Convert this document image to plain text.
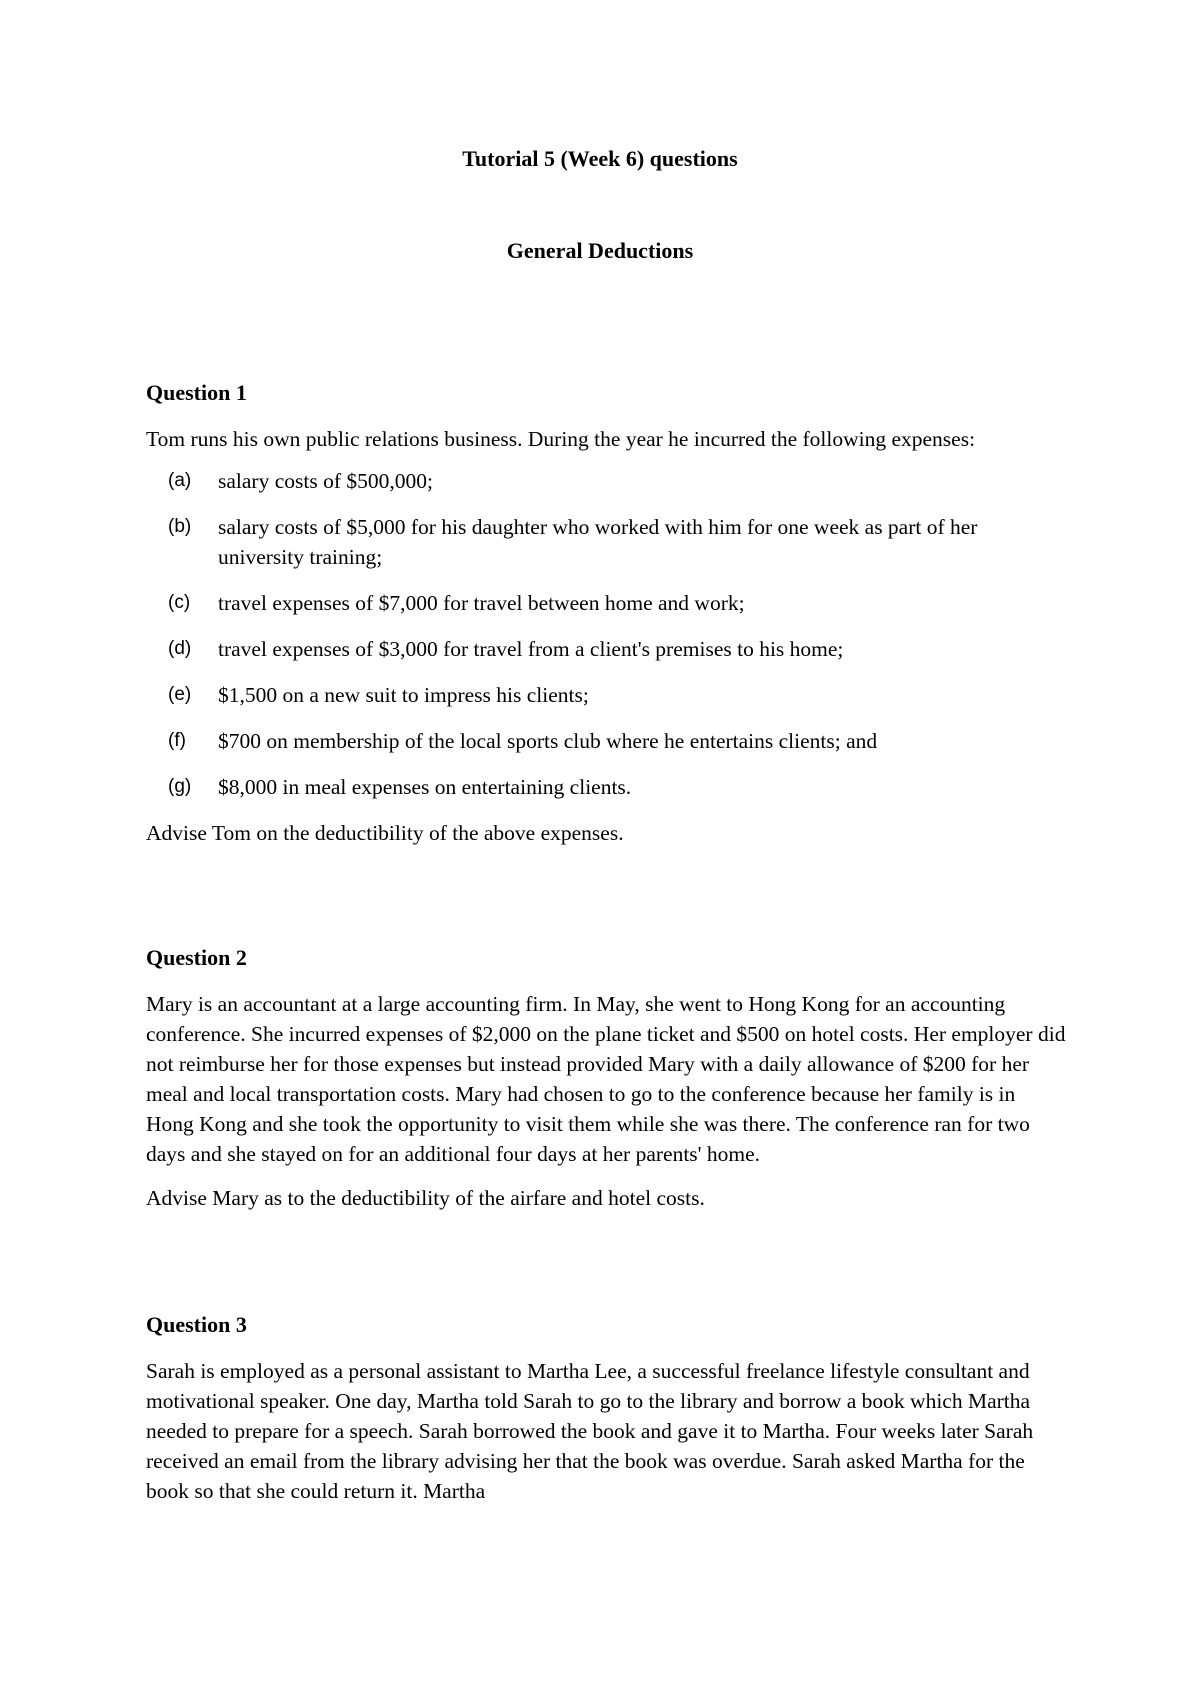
Tutorial 5 (Week 6) questions
General Deductions
Question 1

Tom runs his own public relations business. During the year he incurred the following expenses:

(a) salary costs of $500,000;
(b) salary costs of $5,000 for his daughter who worked with him for one week as part of her university training;
(c) travel expenses of $7,000 for travel between home and work;
(d) travel expenses of $3,000 for travel from a client's premises to his home;
(e) $1,500 on a new suit to impress his clients;
(f) $700 on membership of the local sports club where he entertains clients; and
(g) $8,000 in meal expenses on entertaining clients.

Advise Tom on the deductibility of the above expenses.

Question 2

Mary is an accountant at a large accounting firm. In May, she went to Hong Kong for an accounting conference. She incurred expenses of $2,000 on the plane ticket and $500 on hotel costs. Her employer did not reimburse her for those expenses but instead provided Mary with a daily allowance of $200 for her meal and local transportation costs. Mary had chosen to go to the conference because her family is in Hong Kong and she took the opportunity to visit them while she was there. The conference ran for two days and she stayed on for an additional four days at her parents' home.

Advise Mary as to the deductibility of the airfare and hotel costs.

Question 3

Sarah is employed as a personal assistant to Martha Lee, a successful freelance lifestyle consultant and motivational speaker. One day, Martha told Sarah to go to the library and borrow a book which Martha needed to prepare for a speech. Sarah borrowed the book and gave it to Martha. Four weeks later Sarah received an email from the library advising her that the book was overdue. Sarah asked Martha for the book so that she could return it. Martha
